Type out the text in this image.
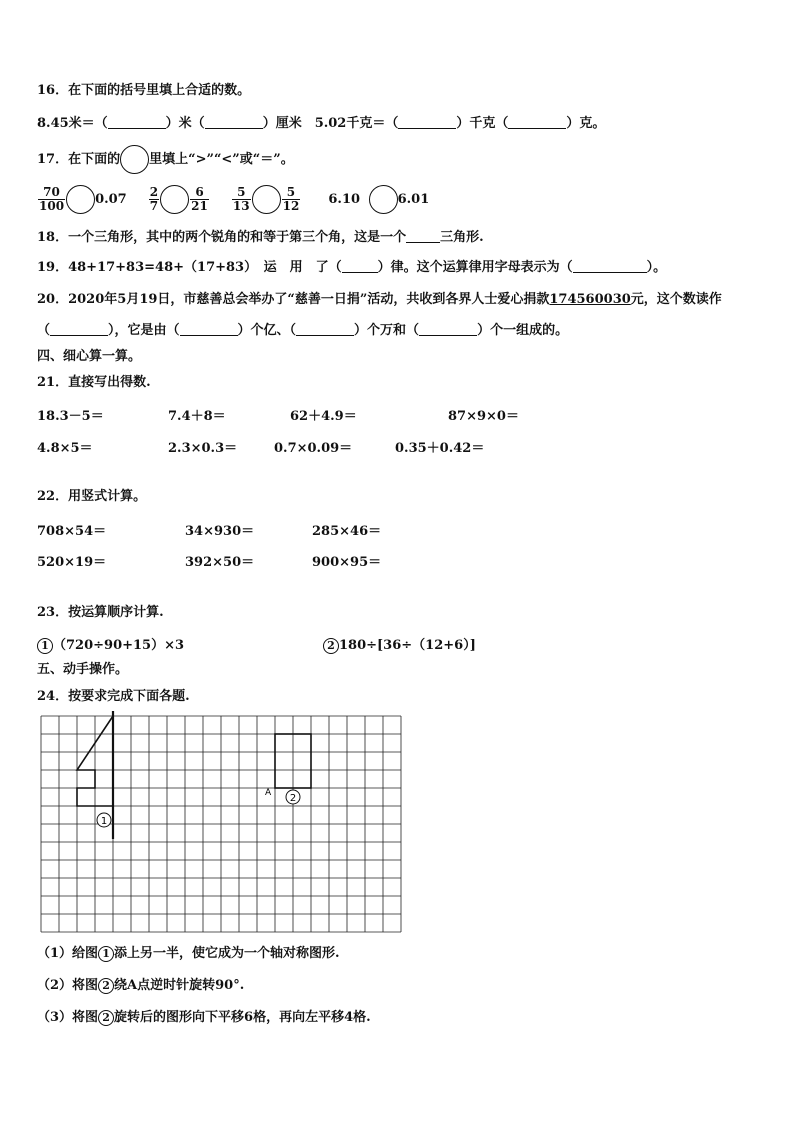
16．在下面的括号里填上合适的数。
8.45米＝（	）米（	）厘米　5.02千克＝（	）千克（	）克。
17．在下面的 里填上“>”“<”或“＝”。
$\frac{70}{100} 0.07 \frac{2}{7}$	$\frac{6}{21}$
$\frac{5}{13}$	$\frac{5}{12} 6.10$	6.01
18．一个三角形，其中的两个锐角的和等于第三个角，这是一个	三角形.
19．48+17+83=48+（17+83）　运　用　了（	）律。这个运算律用字母表示为（	）。
20．2020年5月19日，市慈善总会举办了“慈善一日捐”活动，共收到各界人士爱心捐款174560030元，这个数读作
（	），它是由（	）个亿、（	）个万和（	）个一组成的。
四、细心算一算。
21．直接写出得数.
18.3－5＝	7.4＋8＝	62＋4.9＝	87×9×0＝
4.8×5＝	2.3×0.3＝	0.7×0.09＝	0.35＋0.42＝
22．用竖式计算。
708×54＝	34×930＝	285×46＝
520×19＝	392×50＝	900×95＝
23．按运算顺序计算.
1 （720÷90+15）×3	2 180÷[36÷（12+6）]
五、动手操作。
24．按要求完成下面各题.
1
2
A
（1）给图 1 添上另一半，使它成为一个轴对称图形.
（2）将图 2 绕A点逆时针旋转90°.
（3）将图 2 旋转后的图形向下平移6格，再向左平移4格.
